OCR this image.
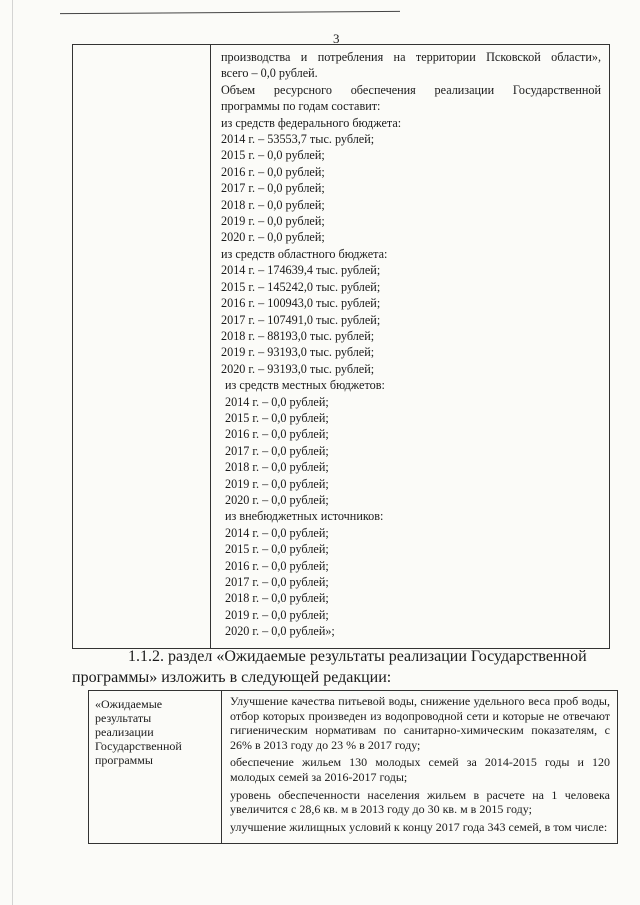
3
производства и потребления на территории Псковской области»,
всего – 0,0 рублей.
Объем ресурсного обеспечения реализации Государственной
программы по годам составит:
из средств федерального бюджета:
2014 г. – 53553,7 тыс. рублей;
2015 г. – 0,0 рублей;
2016 г. – 0,0 рублей;
2017 г. – 0,0 рублей;
2018 г. – 0,0 рублей;
2019 г. – 0,0 рублей;
2020 г. – 0,0 рублей;
из средств областного бюджета:
2014 г. – 174639,4 тыс. рублей;
2015 г. – 145242,0 тыс. рублей;
2016 г. – 100943,0 тыс. рублей;
2017 г. – 107491,0 тыс. рублей;
2018 г. – 88193,0 тыс. рублей;
2019 г. – 93193,0 тыс. рублей;
2020 г. – 93193,0 тыс. рублей;
из средств местных бюджетов:
2014 г. – 0,0 рублей;
2015 г. – 0,0 рублей;
2016 г. – 0,0 рублей;
2017 г. – 0,0 рублей;
2018 г. – 0,0 рублей;
2019 г. – 0,0 рублей;
2020 г. – 0,0 рублей;
из внебюджетных источников:
2014 г. – 0,0 рублей;
2015 г. – 0,0 рублей;
2016 г. – 0,0 рублей;
2017 г. – 0,0 рублей;
2018 г. – 0,0 рублей;
2019 г. – 0,0 рублей;
2020 г. – 0,0 рублей»;
1.1.2. раздел «Ожидаемые результаты реализации Государственной
программы» изложить в следующей редакции:
«Ожидаемые
результаты
реализации
Государственной
программы

Улучшение качества питьевой воды, снижение удельного веса проб воды, отбор которых произведен из водопроводной сети и которые не отвечают гигиеническим нормативам по санитарно-химическим показателям, с 26% в 2013 году до 23 % в 2017 году;

обеспечение жильем 130 молодых семей за 2014-2015 годы и 120 молодых семей за 2016-2017 годы;

уровень обеспеченности населения жильем в расчете на 1 человека увеличится с 28,6 кв. м в 2013 году до 30 кв. м в 2015 году;

улучшение жилищных условий к концу 2017 года 343 семей, в том числе:
